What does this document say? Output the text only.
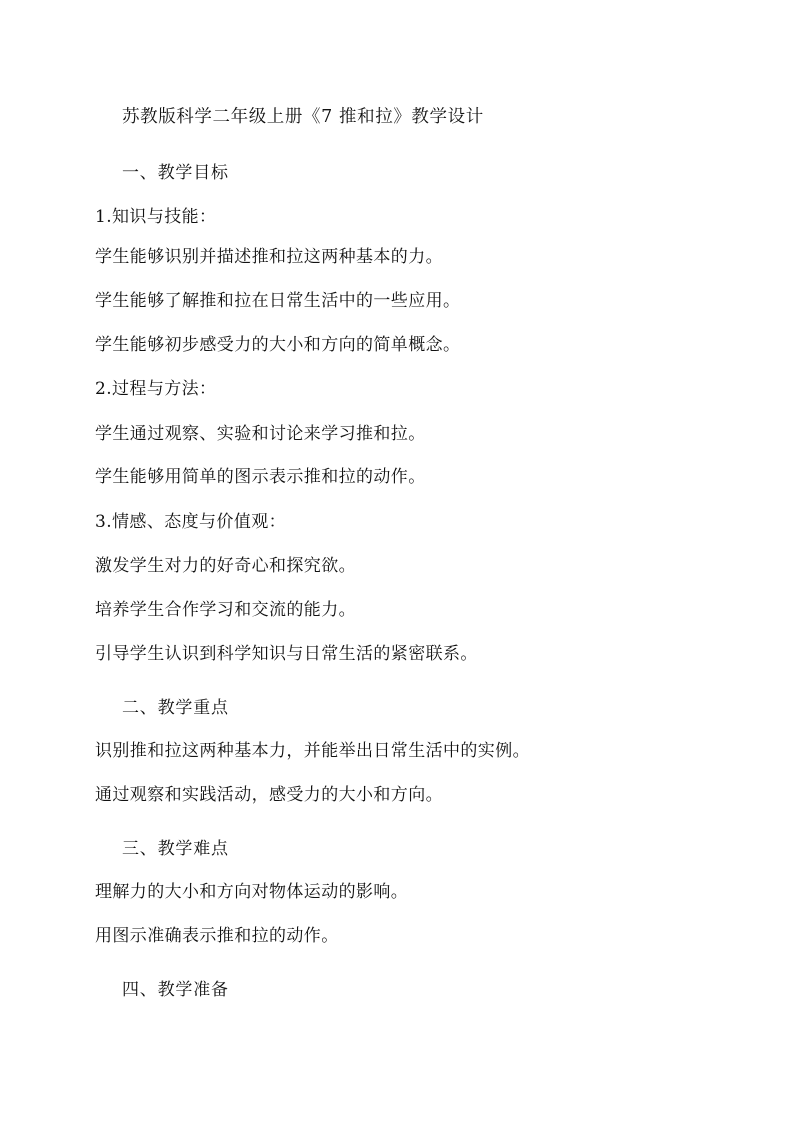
苏教版科学二年级上册《7 推和拉》教学设计
一、教学目标
1.知识与技能：
学生能够识别并描述推和拉这两种基本的力。
学生能够了解推和拉在日常生活中的一些应用。
学生能够初步感受力的大小和方向的简单概念。
2.过程与方法：
学生通过观察、实验和讨论来学习推和拉。
学生能够用简单的图示表示推和拉的动作。
3.情感、态度与价值观：
激发学生对力的好奇心和探究欲。
培养学生合作学习和交流的能力。
引导学生认识到科学知识与日常生活的紧密联系。
二、教学重点
识别推和拉这两种基本力，并能举出日常生活中的实例。
通过观察和实践活动，感受力的大小和方向。
三、教学难点
理解力的大小和方向对物体运动的影响。
用图示准确表示推和拉的动作。
四、教学准备
